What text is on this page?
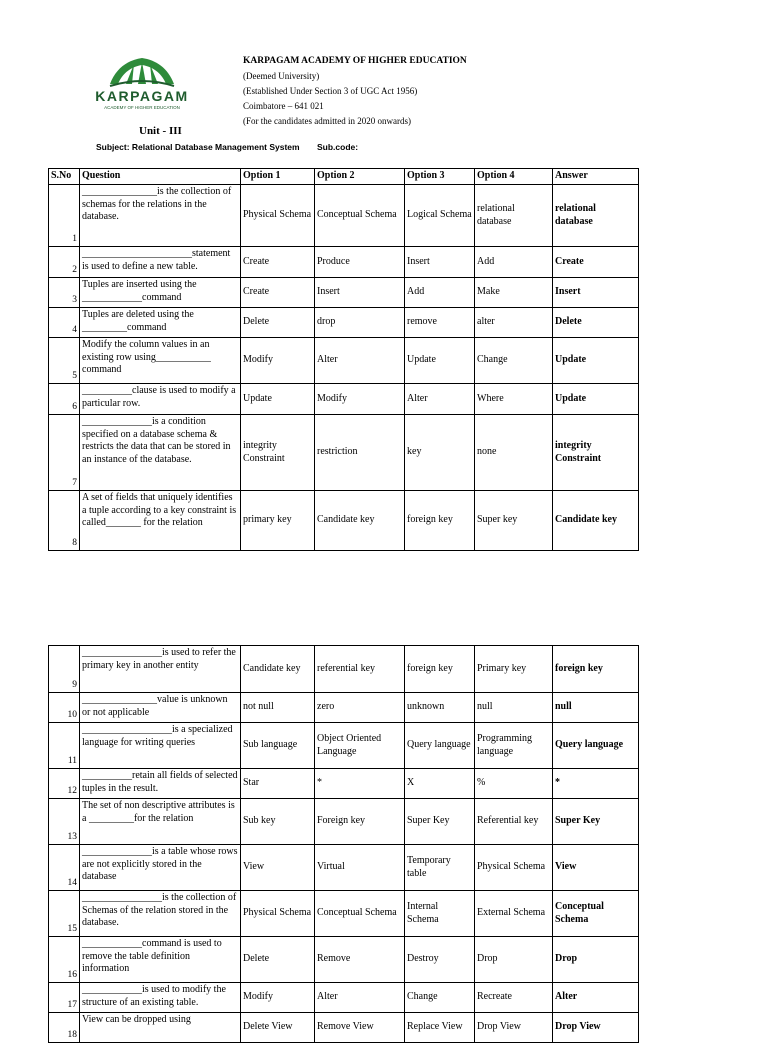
KARPAGAM
ACADEMY OF HIGHER EDUCATION
Unit - III
KARPAGAM ACADEMY OF HIGHER EDUCATION
(Deemed University)
(Established Under Section 3 of UGC Act 1956)
Coimbatore – 641 021
(For the candidates admitted in 2020 onwards)
Subject: Relational Database Management System Sub.code:
S.No	Question	Option 1	Option 2	Option 3	Option 4	Answer
1	_______________is the collection of schemas for the relations in the database.	Physical Schema	Conceptual Schema	Logical Schema	relational database	relational database
2	______________________statement is used to define a new table.	Create	Produce	Insert	Add	Create
3	Tuples are inserted using the ____________command	Create	Insert	Add	Make	Insert
4	Tuples are deleted using the _________command	Delete	drop	remove	alter	Delete
5	Modify the column values in an existing row using___________ command	Modify	Alter	Update	Change	Update
6	__________clause is used to modify a particular row.	Update	Modify	Alter	Where	Update
7	______________is a condition specified on a database schema & restricts the data that can be stored in an instance of the database.	integrity Constraint	restriction	key	none	integrity Constraint
8	A set of fields that uniquely identifies a tuple according to a key constraint is called_______ for the relation	primary key	Candidate key	foreign key	Super key	Candidate key
9	________________is used to refer the primary key in another entity	Candidate key	referential key	foreign key	Primary key	foreign key
10	_______________value is unknown or not applicable	not null	zero	unknown	null	null
11	__________________is a specialized language for writing queries	Sub language	Object Oriented Language	Query language	Programming language	Query language
12	__________retain all fields of selected tuples in the result.	Star	*	X	%	*
13	The set of non descriptive attributes is a _________for the relation	Sub key	Foreign key	Super Key	Referential key	Super Key
14	______________is a table whose rows are not explicitly stored in the database	View	Virtual	Temporary table	Physical Schema	View
15	________________is the collection of Schemas of the relation stored in the database.	Physical Schema	Conceptual Schema	Internal Schema	External Schema	Conceptual Schema
16	____________command is used to remove the table definition information	Delete	Remove	Destroy	Drop	Drop
17	____________is used to modify the structure of an existing table.	Modify	Alter	Change	Recreate	Alter
18	View can be dropped using	Delete View	Remove View	Replace View	Drop View	Drop View
